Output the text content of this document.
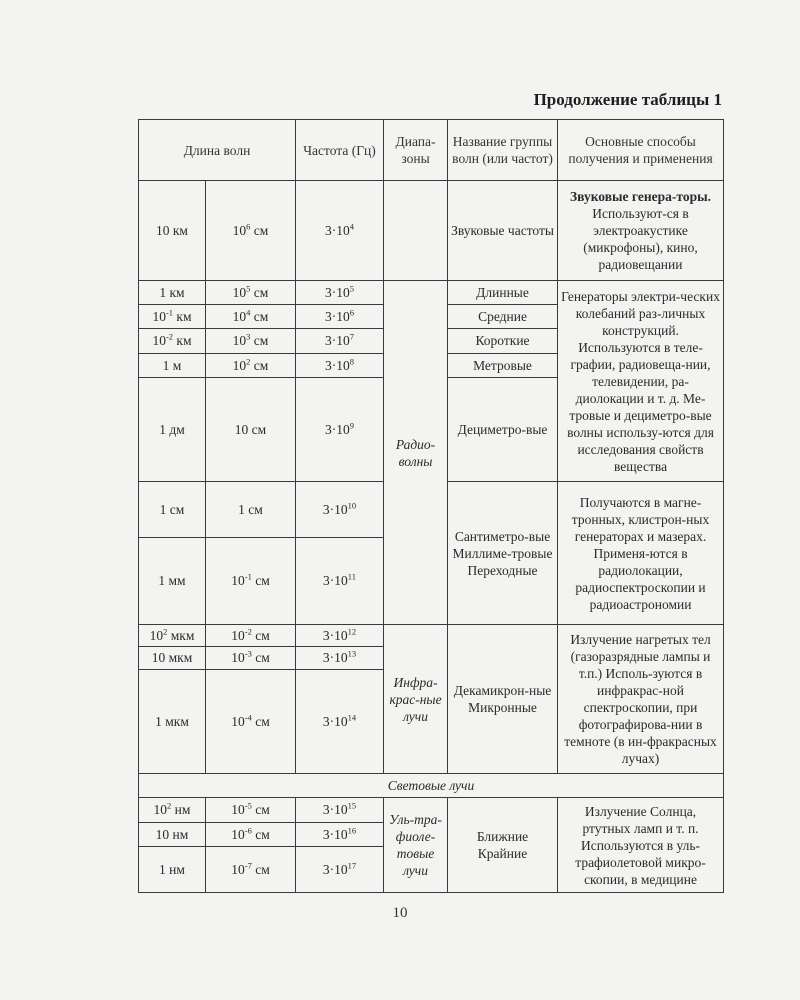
Продолжение таблицы 1
Длина волн		Частота (Гц)	Диапа-зоны	Название группы волн (или частот)	Основные способы получения и применения
10 км	$10^6$ см	$3\cdot 10^4$		Звуковые частоты	Звуковые генера-торы. Используют-ся в электроакустике (микрофоны), кино, радиовещании
1 км	$10^5$ см	$3\cdot 10^5$	Радио-волны	Длинные	Генераторы электри-ческих колебаний раз-личных конструкций. Используются в теле-графии, радиовеща-нии, телевидении, ра-диолокации и т. д. Ме-тровые и дециметро-вые волны использу-ются для исследования свойств вещества
$10^{-1}$ км	$10^4$ см	$3\cdot 10^6$		Средние	
$10^{-2}$ км	$10^3$ см	$3\cdot 10^7$		Короткие	
1 м	$10^2$ см	$3\cdot 10^8$		Метровые	
1 дм	10 см	$3\cdot 10^9$		Дециметро-вые	
1 см	1 см	$3\cdot 10^{10}$		Сантиметро-вые Миллиме-тровые Переходные	Получаются в магне-тронных, клистрон-ных генераторах и мазерах. Применя-ются в радиолокации, радиоспектроскопии и радиоастрономии
1 мм	$10^{-1}$ см	$3\cdot 10^{11}$
$10^2$ мкм	$10^{-2}$ см	$3\cdot 10^{12}$	Инфра-крас-ные лучи	Декамикрон-ные Микронные	Излучение нагретых тел (газоразрядные лампы и т.п.) Исполь-зуются в инфракрас-ной спектроскопии, при фотографирова-нии в темноте (в ин-фракрасных лучах)
10 мкм	$10^{-3}$ см	$3\cdot 10^{13}$
1 мкм	$10^{-4}$ см	$3\cdot 10^{14}$
Световые лучи					
$10^2$ нм	$10^{-5}$ см	$3\cdot 10^{15}$	Уль-тра-фиоле-товые лучи	Ближние Крайние	Излучение Солнца, ртутных ламп и т. п. Используются в уль-трафиолетовой микро-скопии, в медицине
10 нм	$10^{-6}$ см	$3\cdot 10^{16}$
1 нм	$10^{-7}$ см	$3\cdot 10^{17}$
10
